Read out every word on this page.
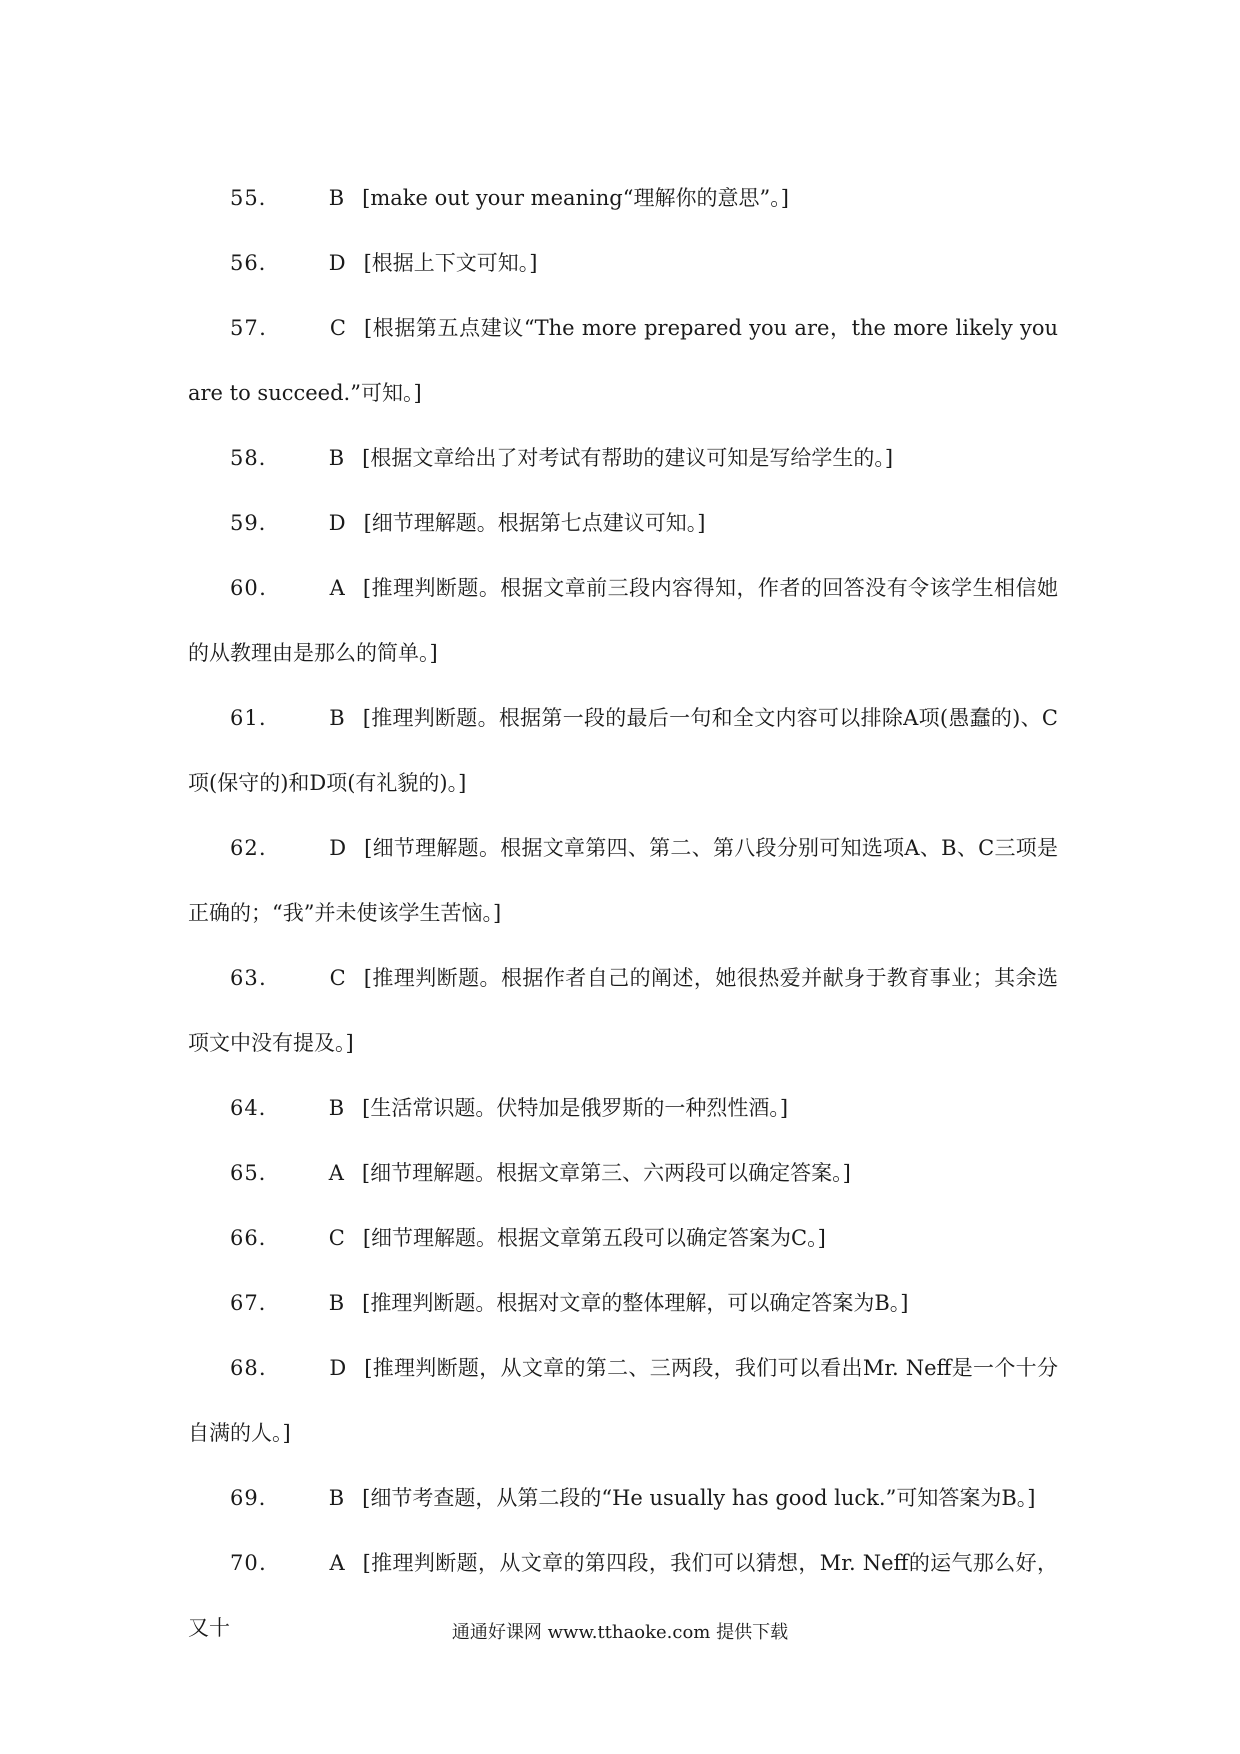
55． B [make out your meaning“理解你的意思”。]

56． D [根据上下文可知。]

57． C [根据第五点建议“The more prepared you are，the more likely you are to succeed.”可知。]

58． B [根据文章给出了对考试有帮助的建议可知是写给学生的。]

59． D [细节理解题。根据第七点建议可知。]

60． A [推理判断题。根据文章前三段内容得知，作者的回答没有令该学生相信她的从教理由是那么的简单。]

61． B [推理判断题。根据第一段的最后一句和全文内容可以排除A项(愚蠢的)、C项(保守的)和D项(有礼貌的)。]

62． D [细节理解题。根据文章第四、第二、第八段分别可知选项A、B、C三项是正确的；“我”并未使该学生苦恼。]

63． C [推理判断题。根据作者自己的阐述，她很热爱并献身于教育事业；其余选项文中没有提及。]

64． B [生活常识题。伏特加是俄罗斯的一种烈性酒。]

65． A [细节理解题。根据文章第三、六两段可以确定答案。]

66． C [细节理解题。根据文章第五段可以确定答案为C。]

67． B [推理判断题。根据对文章的整体理解，可以确定答案为B。]

68． D [推理判断题，从文章的第二、三两段，我们可以看出Mr. Neff是一个十分自满的人。]

69． B [细节考查题，从第二段的“He usually has good luck.”可知答案为B。]

70． A [推理判断题，从文章的第四段，我们可以猜想，Mr. Neff的运气那么好，又十	通通好课网 www.tthaoke.com 提供下载
